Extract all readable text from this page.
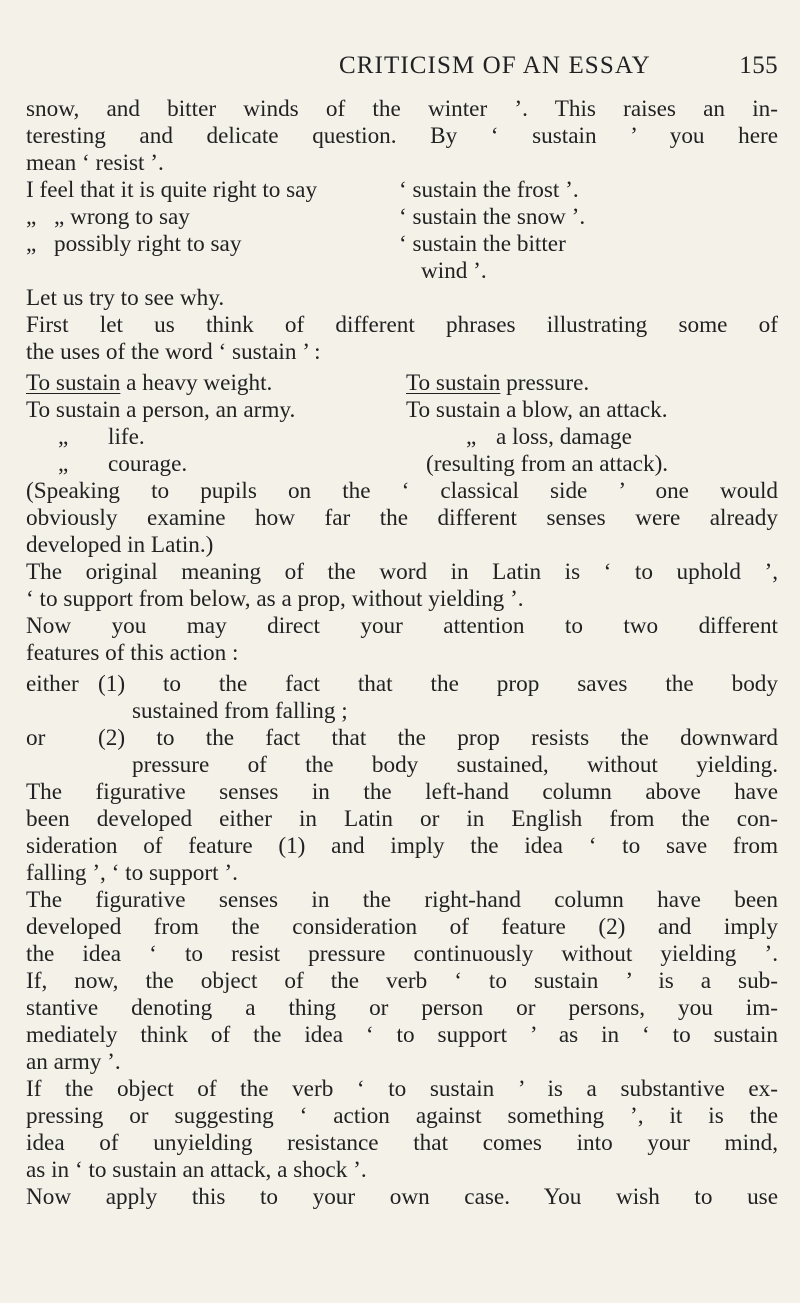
CRITICISM OF AN ESSAY	155
snow, and bitter winds of the winter ’. This raises an in-
teresting and delicate question. By ‘ sustain ’ you here
mean ‘ resist ’.
I feel that it is quite right to say	‘ sustain the frost ’.
„ „ wrong to say	‘ sustain the snow ’.
„ possibly right to say	‘ sustain the bitter
wind ’.
Let us try to see why.
First let us think of different phrases illustrating some of
the uses of the word ‘ sustain ’ :
To sustain a heavy weight.	To sustain pressure.
To sustain a person, an army.	To sustain a blow, an attack.
„ life.	„ a loss, damage
„ courage.	(resulting from an attack).
(Speaking to pupils on the ‘ classical side ’ one would
obviously examine how far the different senses were already
developed in Latin.)
The original meaning of the word in Latin is ‘ to uphold ’,
‘ to support from below, as a prop, without yielding ’.
Now you may direct your attention to two different
features of this action :
either (1) to the fact that the prop saves the body
sustained from falling ;
or	(2) to the fact that the prop resists the downward
pressure of the body sustained, without yielding.
The figurative senses in the left-hand column above have
been developed either in Latin or in English from the con-
sideration of feature (1) and imply the idea ‘ to save from
falling ’, ‘ to support ’.
The figurative senses in the right-hand column have been
developed from the consideration of feature (2) and imply
the idea ‘ to resist pressure continuously without yielding ’.
If, now, the object of the verb ‘ to sustain ’ is a sub-
stantive denoting a thing or person or persons, you im-
mediately think of the idea ‘ to support ’ as in ‘ to sustain
an army ’.
If the object of the verb ‘ to sustain ’ is a substantive ex-
pressing or suggesting ‘ action against something ’, it is the
idea of unyielding resistance that comes into your mind,
as in ‘ to sustain an attack, a shock ’.
Now apply this to your own case. You wish to use
